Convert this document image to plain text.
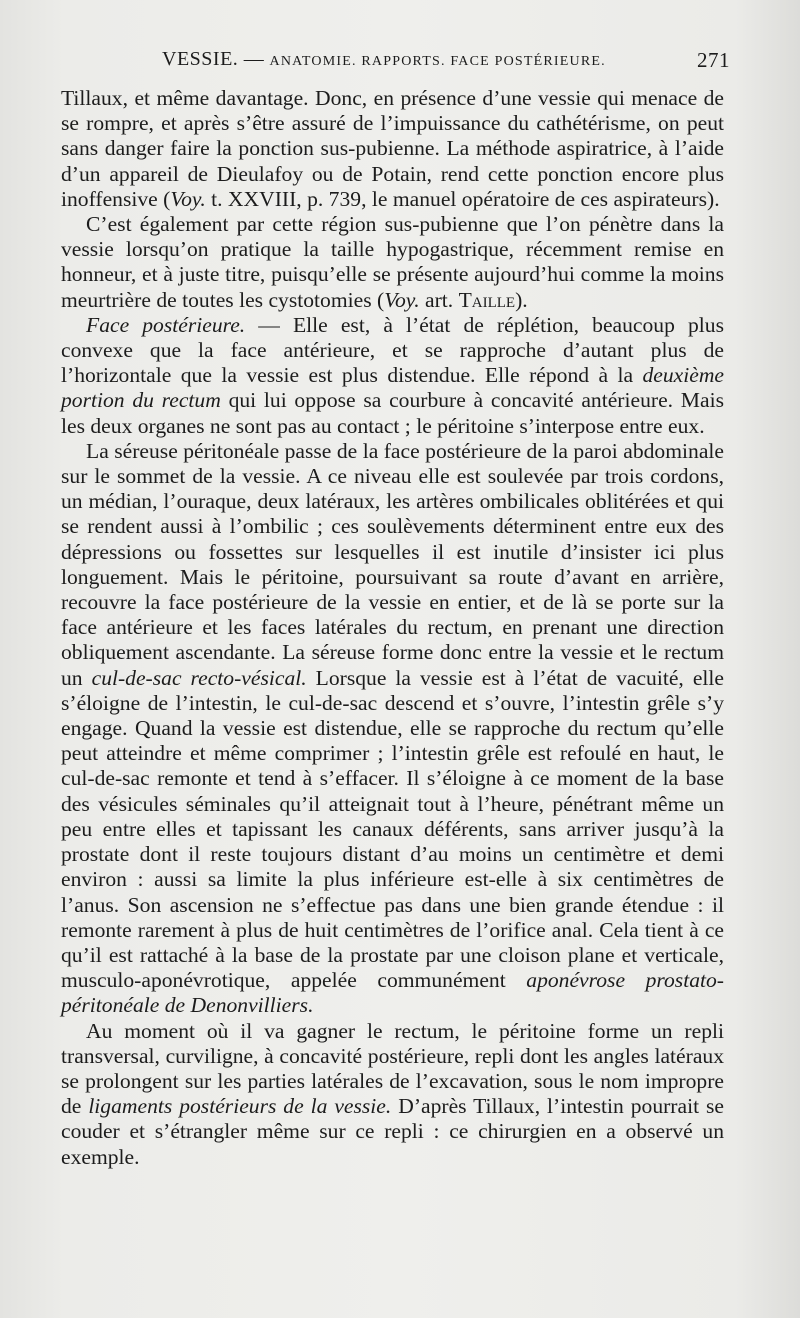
VESSIE. — ANATOMIE. RAPPORTS. FACE POSTÉRIEURE.	271

Tillaux, et même davantage. Donc, en présence d’une vessie qui menace de se rompre, et après s’être assuré de l’impuissance du cathétérisme, on peut sans danger faire la ponction sus-pubienne. La méthode aspiratrice, à l’aide d’un appareil de Dieulafoy ou de Potain, rend cette ponction encore plus inoffensive (Voy. t. XXVIII, p. 739, le manuel opératoire de ces aspirateurs).

C’est également par cette région sus-pubienne que l’on pénètre dans la vessie lorsqu’on pratique la taille hypogastrique, récemment remise en honneur, et à juste titre, puisqu’elle se présente aujourd’hui comme la moins meurtrière de toutes les cystotomies (Voy. art. Taille).

Face postérieure. — Elle est, à l’état de réplétion, beaucoup plus convexe que la face antérieure, et se rapproche d’autant plus de l’horizontale que la vessie est plus distendue. Elle répond à la deuxième portion du rectum qui lui oppose sa courbure à concavité antérieure. Mais les deux organes ne sont pas au contact ; le péritoine s’interpose entre eux.

La séreuse péritonéale passe de la face postérieure de la paroi abdominale sur le sommet de la vessie. A ce niveau elle est soulevée par trois cordons, un médian, l’ouraque, deux latéraux, les artères ombilicales oblitérées et qui se rendent aussi à l’ombilic ; ces soulèvements déterminent entre eux des dépressions ou fossettes sur lesquelles il est inutile d’insister ici plus longuement. Mais le péritoine, poursuivant sa route d’avant en arrière, recouvre la face postérieure de la vessie en entier, et de là se porte sur la face antérieure et les faces latérales du rectum, en prenant une direction obliquement ascendante. La séreuse forme donc entre la vessie et le rectum un cul-de-sac recto-vésical. Lorsque la vessie est à l’état de vacuité, elle s’éloigne de l’intestin, le cul-de-sac descend et s’ouvre, l’intestin grêle s’y engage. Quand la vessie est distendue, elle se rapproche du rectum qu’elle peut atteindre et même comprimer ; l’intestin grêle est refoulé en haut, le cul-de-sac remonte et tend à s’effacer. Il s’éloigne à ce moment de la base des vésicules séminales qu’il atteignait tout à l’heure, pénétrant même un peu entre elles et tapissant les canaux déférents, sans arriver jusqu’à la prostate dont il reste toujours distant d’au moins un centimètre et demi environ : aussi sa limite la plus inférieure est-elle à six centimètres de l’anus. Son ascension ne s’effectue pas dans une bien grande étendue : il remonte rarement à plus de huit centimètres de l’orifice anal. Cela tient à ce qu’il est rattaché à la base de la prostate par une cloison plane et verticale, musculo-aponévrotique, appelée communément aponévrose prostato-péritonéale de Denonvilliers.

Au moment où il va gagner le rectum, le péritoine forme un repli transversal, curviligne, à concavité postérieure, repli dont les angles latéraux se prolongent sur les parties latérales de l’excavation, sous le nom impropre de ligaments postérieurs de la vessie. D’après Tillaux, l’intestin pourrait se couder et s’étrangler même sur ce repli : ce chirurgien en a observé un exemple.
